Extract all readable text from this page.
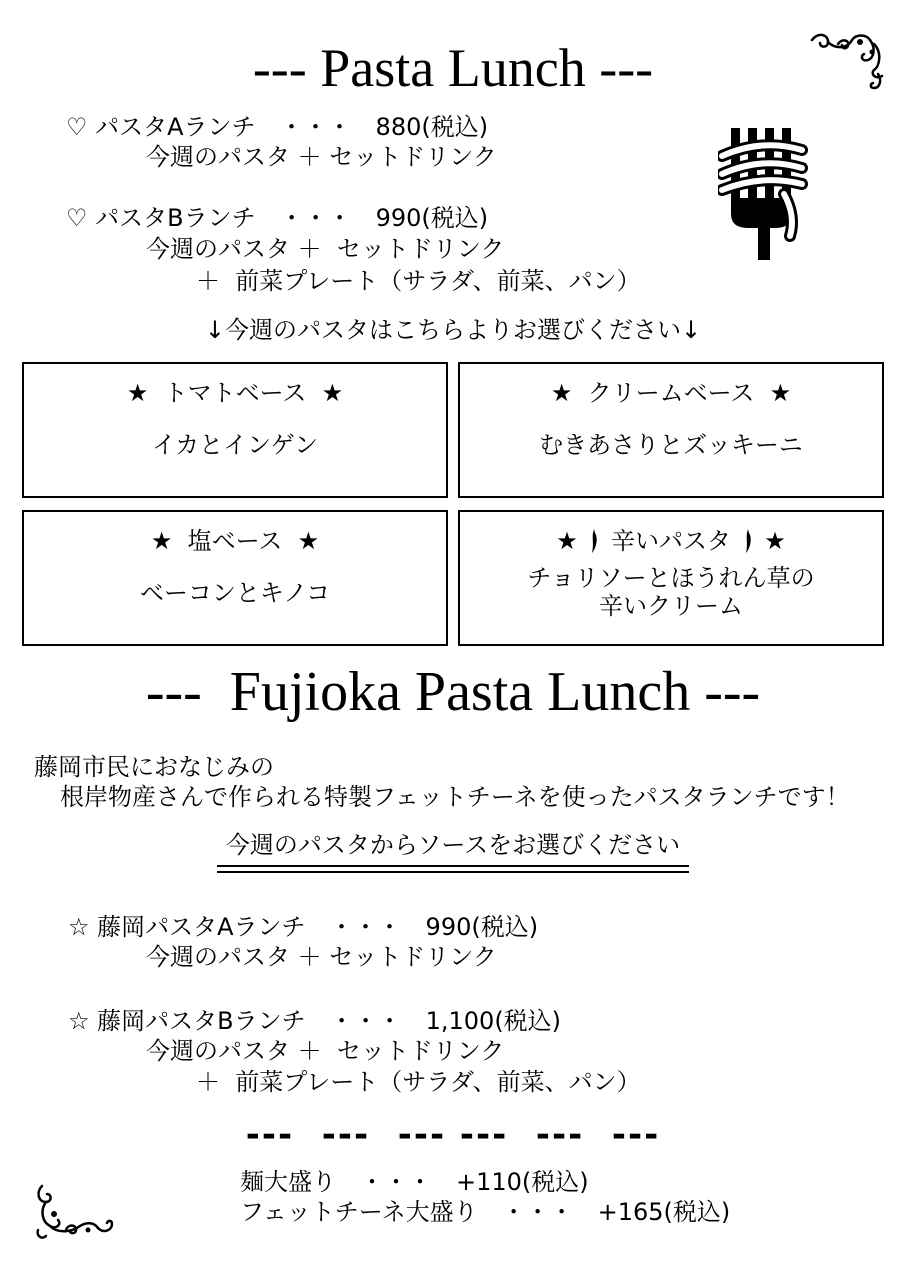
--- Pasta Lunch ---
♡ パスタAランチ　・・・　880(税込)
今週のパスタ ＋ セットドリンク
♡ パスタBランチ　・・・　990(税込)
今週のパスタ ＋  セットドリンク
＋  前菜プレート（サラダ、前菜、パン）
↓今週のパスタはこちらよりお選びください↓
★  トマトベース  ★
イカとインゲン
★  クリームベース  ★
むきあさりとズッキーニ
★  塩ベース  ★
ベーコンとキノコ
★ 辛いパスタ ★
チョリソーとほうれん草の
辛いクリーム
---  Fujioka Pasta Lunch ---
藤岡市民におなじみの
根岸物産さんで作られる特製フェットチーネを使ったパスタランチです！
今週のパスタからソースをお選びください
☆ 藤岡パスタAランチ　・・・　990(税込)
今週のパスタ ＋ セットドリンク
☆ 藤岡パスタBランチ　・・・　1,100(税込)
今週のパスタ ＋  セットドリンク
＋  前菜プレート（サラダ、前菜、パン）
---  ---  --- ---  ---  ---
麺大盛り　・・・　+110(税込)
フェットチーネ大盛り　・・・　+165(税込)
